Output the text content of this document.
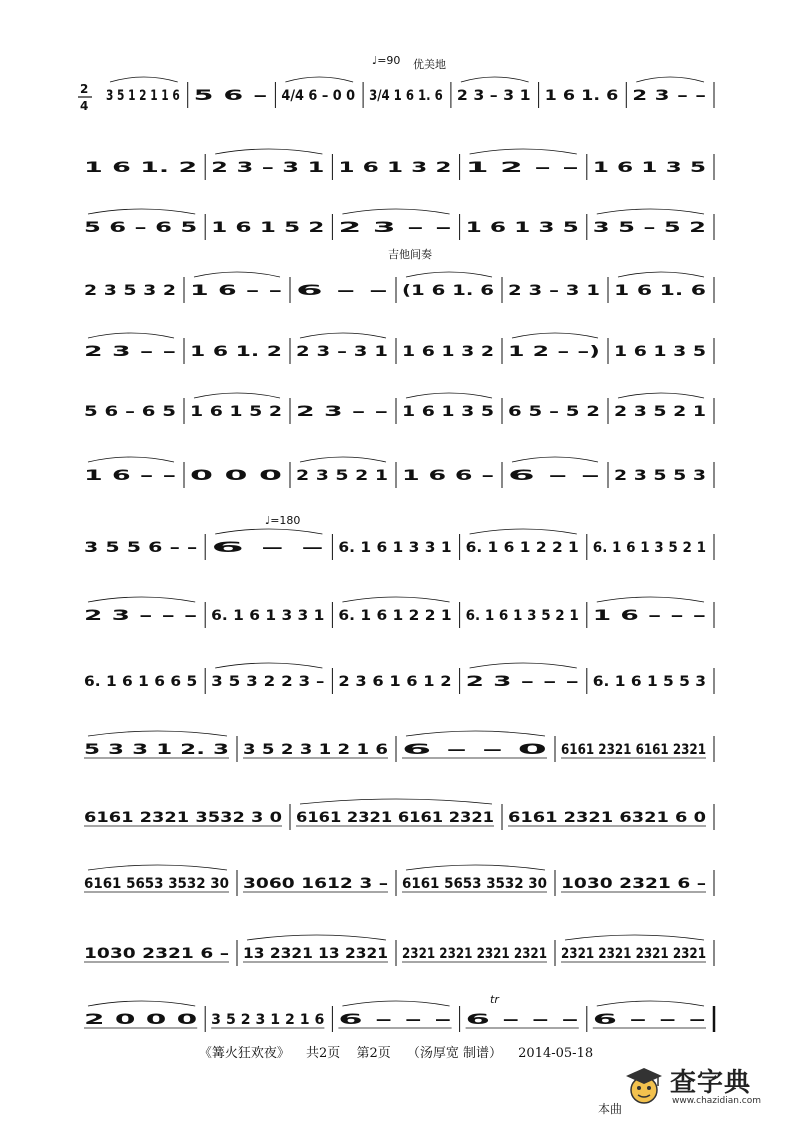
♩=90 优美地
吉他间奏
♩=180
tr
2
4
3 5 1 2 1 1 6 5 6 – 4/4 6 – 0 0 3/4 1 6 1. 6 2 3 – 3 1 1 6 1. 6 2 3 – –
1 6 1. 2 2 3 – 3 1 1 6 1 3 2 1 2 – – 1 6 1 3 5
5 6 – 6 5 1 6 1 5 2 2 3 – – 1 6 1 3 5 3 5 – 5 2
2 3 5 3 2 1 6 – – 6 – – (1 6 1. 6 2 3 – 3 1 1 6 1. 6
2 3 – – 1 6 1. 2 2 3 – 3 1 1 6 1 3 2 1 2 – –) 1 6 1 3 5
5 6 – 6 5 1 6 1 5 2 2 3 – – 1 6 1 3 5 6 5 – 5 2 2 3 5 2 1
1 6 – – 0 0 0 2 3 5 2 1 1 6 6 – 6 – – 2 3 5 5 3
3 5 5 6 – – 6 – – 6. 1 6 1 3 3 1 6. 1 6 1 2 2 1 6. 1 6 1 3 5 2 1
2 3 – – – 6. 1 6 1 3 3 1 6. 1 6 1 2 2 1 6. 1 6 1 3 5 2 1 1 6 – – –
6. 1 6 1 6 6 5 3 5 3 2 2 3 – 2 3 6 1 6 1 2 2 3 – – – 6. 1 6 1 5 5 3
5 3 3 1 2. 3 3 5 2 3 1 2 1 6 6 – – 0 6161 2321 6161 2321
6161 2321 3532 3 0 6161 2321 6161 2321 6161 2321 6321 6 0
6161 5653 3532 30 3060 1612 3 – 6161 5653 3532 30 1030 2321 6 –
1030 2321 6 – 13 2321 13 2321 2321 2321 2321 2321 2321 2321 2321 2321
2 0 0 0 3 5 2 3 1 2 1 6 6 – – – 6 – – – 6 – – –
《篝火狂欢夜》 共2页 第2页 （汤厚宽 制谱） 2014-05-18
本曲
查字典
www.chazidian.com
